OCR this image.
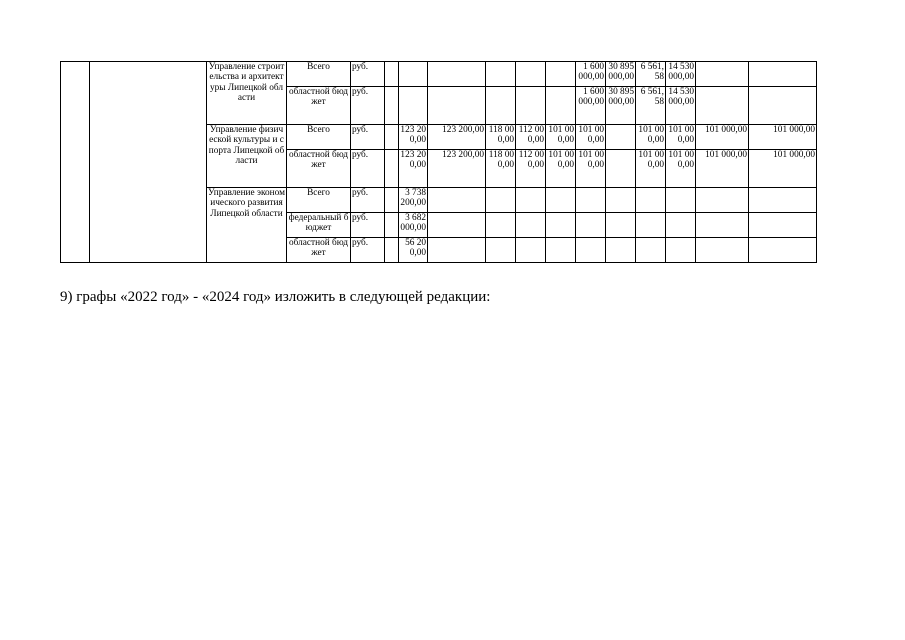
		Управление строительства и архитектуры Липецкой области	Всего	руб.							1 600 000,00	30 895 000,00	6 561,58	14 530 000,00		
			областной бюджет	руб.							1 600 000,00	30 895 000,00	6 561,58	14 530 000,00		
		Управление физической культуры и спорта Липецкой области	Всего	руб.		123 200,00	123 200,00	118 000,00	112 000,00	101 000,00	101 000,00		101 000,00	101 000,00	101 000,00	101 000,00
			областной бюджет	руб.		123 200,00	123 200,00	118 000,00	112 000,00	101 000,00	101 000,00		101 000,00	101 000,00	101 000,00	101 000,00
		Управление экономического развития Липецкой области	Всего	руб.		3 738 200,00										
			федеральный бюджет	руб.		3 682 000,00										
			областной бюджет	руб.		56 200,00										

9) графы «2022 год» - «2024 год» изложить в следующей редакции:
